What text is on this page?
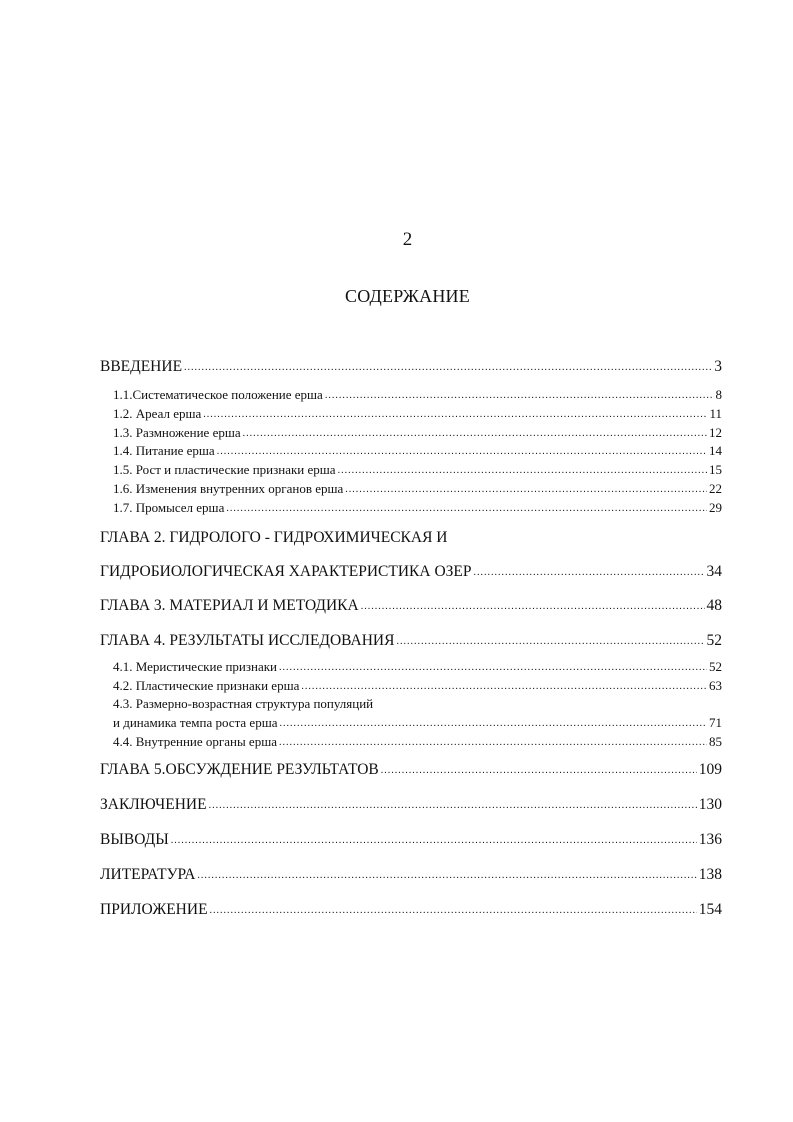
2
СОДЕРЖАНИЕ
ВВЕДЕНИЕ .....	3
1.1.Систематическое положение ерша .....	8
1.2. Ареал ерша .....	11
1.3. Размножение ерша .....	12
1.4. Питание ерша .....	14
1.5. Рост и пластические признаки ерша .....	15
1.6. Изменения внутренних органов ерша .....	22
1.7. Промысел ерша .....	29
ГЛАВА 2. ГИДРОЛОГО - ГИДРОХИМИЧЕСКАЯ И
ГИДРОБИОЛОГИЧЕСКАЯ ХАРАКТЕРИСТИКА ОЗЕР .....	34
ГЛАВА 3. МАТЕРИАЛ И МЕТОДИКА .....	48
ГЛАВА 4. РЕЗУЛЬТАТЫ ИССЛЕДОВАНИЯ .....	52
4.1. Меристические признаки .....	52
4.2. Пластические признаки ерша .....	63
4.3. Размерно-возрастная структура популяций
и динамика темпа роста ерша .....	71
4.4. Внутренние органы ерша .....	85
ГЛАВА 5.ОБСУЖДЕНИЕ РЕЗУЛЬТАТОВ .....	109
ЗАКЛЮЧЕНИЕ .....	130
ВЫВОДЫ .....	136
ЛИТЕРАТУРА .....	138
ПРИЛОЖЕНИЕ .....	154
